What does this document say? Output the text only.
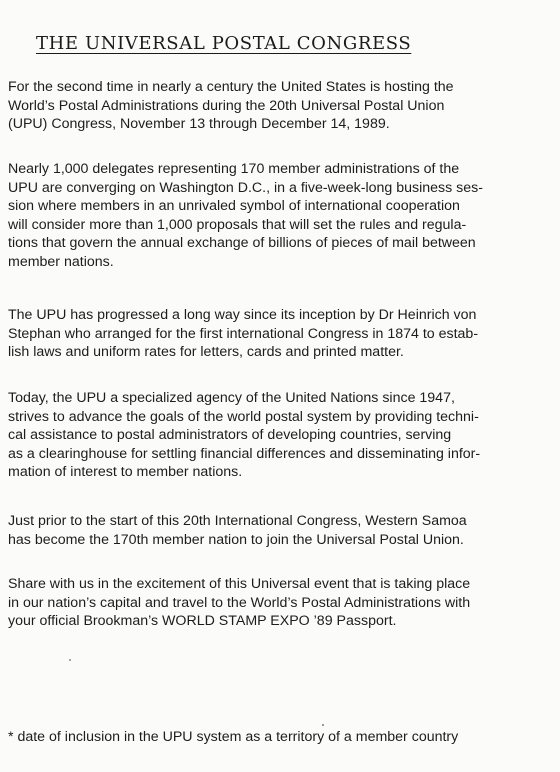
THE UNIVERSAL POSTAL CONGRESS

For the second time in nearly a century the United States is hosting the
World’s Postal Administrations during the 20th Universal Postal Union
(UPU) Congress, November 13 through December 14, 1989.

Nearly 1,000 delegates representing 170 member administrations of the
UPU are converging on Washington D.C., in a five-week-long business ses-
sion where members in an unrivaled symbol of international cooperation
will consider more than 1,000 proposals that will set the rules and regula-
tions that govern the annual exchange of billions of pieces of mail between
member nations.

The UPU has progressed a long way since its inception by Dr Heinrich von
Stephan who arranged for the first international Congress in 1874 to estab-
lish laws and uniform rates for letters, cards and printed matter.

Today, the UPU a specialized agency of the United Nations since 1947,
strives to advance the goals of the world postal system by providing techni-
cal assistance to postal administrators of developing countries, serving
as a clearinghouse for settling financial differences and disseminating infor-
mation of interest to member nations.

Just prior to the start of this 20th International Congress, Western Samoa
has become the 170th member nation to join the Universal Postal Union.

Share with us in the excitement of this Universal event that is taking place
in our nation’s capital and travel to the World’s Postal Administrations with
your official Brookman’s WORLD STAMP EXPO ’89 Passport.

* date of inclusion in the UPU system as a territory of a member country
